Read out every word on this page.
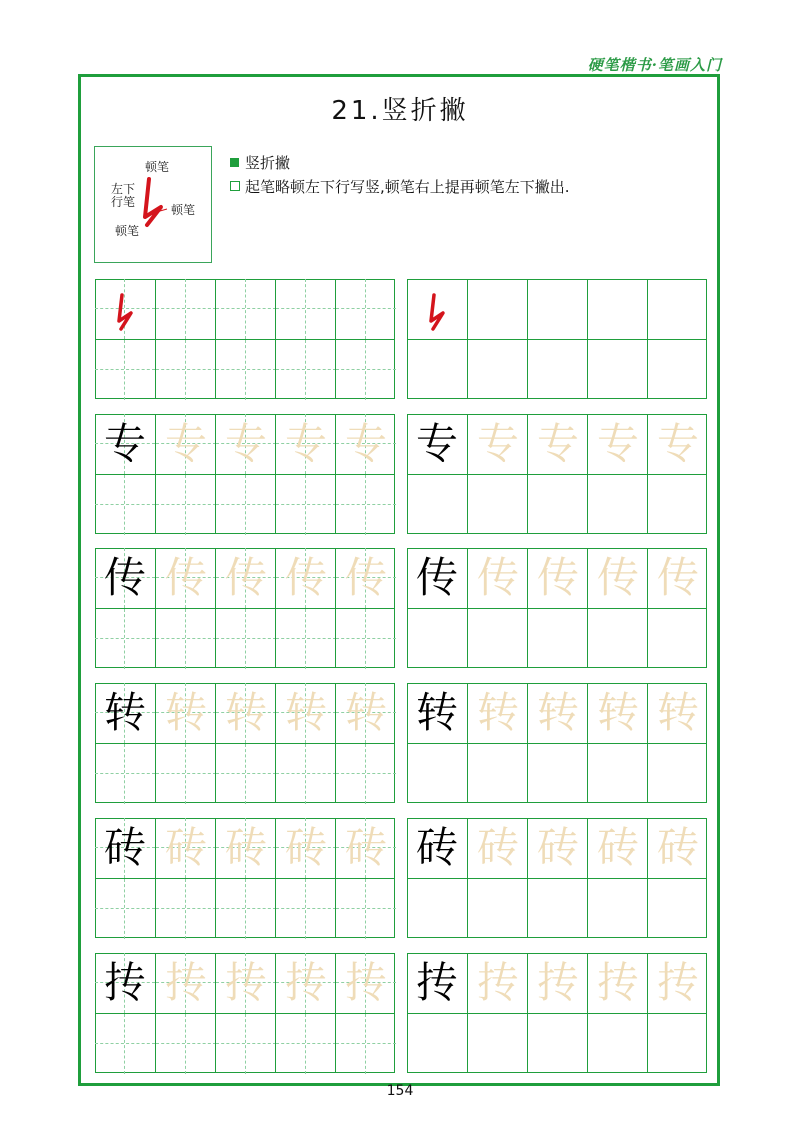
硬笔楷书·笔画入门
21.竖折撇
顿笔
左下
行笔
顿笔
顿笔
竖折撇
起笔略顿左下行写竖,顿笔右上提再顿笔左下撇出.
154
专 专 专 专 专 专 专 专 专 专
传 传 传 传 传 传 传 传 传 传
转 转 转 转 转 转 转 转 转 转
砖 砖 砖 砖 砖 砖 砖 砖 砖 砖
抟 抟 抟 抟 抟 抟 抟 抟 抟 抟
